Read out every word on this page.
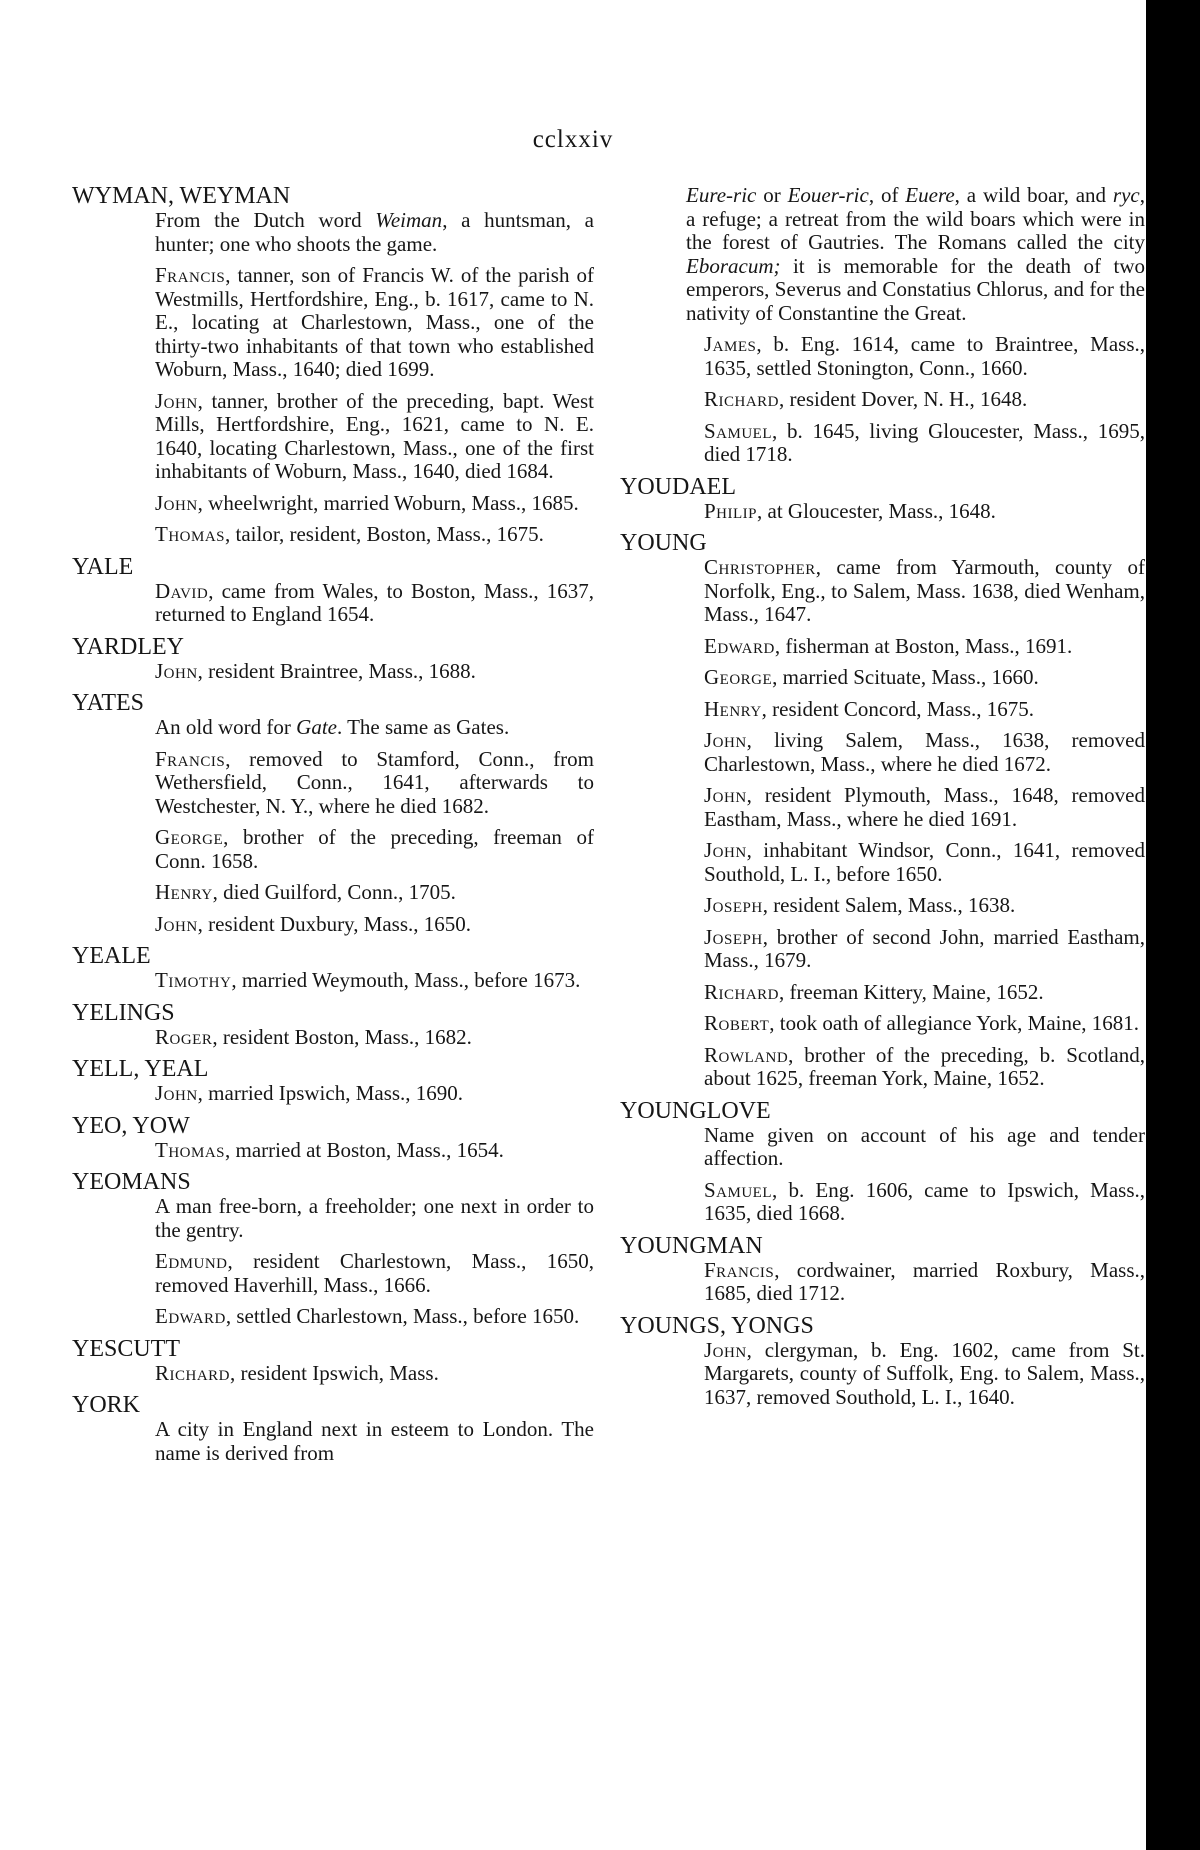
cclxxiv
WYMAN, WEYMAN

From the Dutch word Weiman, a huntsman, a hunter; one who shoots the game.

Francis, tanner, son of Francis W. of the parish of Westmills, Hertfordshire, Eng., b. 1617, came to N. E., locating at Charlestown, Mass., one of the thirty-two inhabitants of that town who established Woburn, Mass., 1640; died 1699.

John, tanner, brother of the preceding, bapt. West Mills, Hertfordshire, Eng., 1621, came to N. E. 1640, locating Charlestown, Mass., one of the first inhabitants of Woburn, Mass., 1640, died 1684.

John, wheelwright, married Woburn, Mass., 1685.

Thomas, tailor, resident, Boston, Mass., 1675.

YALE

David, came from Wales, to Boston, Mass., 1637, returned to England 1654.

YARDLEY

John, resident Braintree, Mass., 1688.

YATES

An old word for Gate. The same as Gates.

Francis, removed to Stamford, Conn., from Wethersfield, Conn., 1641, afterwards to Westchester, N. Y., where he died 1682.

George, brother of the preceding, freeman of Conn. 1658.

Henry, died Guilford, Conn., 1705.

John, resident Duxbury, Mass., 1650.

YEALE

Timothy, married Weymouth, Mass., before 1673.

YELINGS

Roger, resident Boston, Mass., 1682.

YELL, YEAL

John, married Ipswich, Mass., 1690.

YEO, YOW

Thomas, married at Boston, Mass., 1654.

YEOMANS

A man free-born, a freeholder; one next in order to the gentry.

Edmund, resident Charlestown, Mass., 1650, removed Haverhill, Mass., 1666.

Edward, settled Charlestown, Mass., before 1650.

YESCUTT

Richard, resident Ipswich, Mass.

YORK

A city in England next in esteem to London. The name is derived from

Eure-ric or Eouer-ric, of Euere, a wild boar, and ryc, a refuge; a retreat from the wild boars which were in the forest of Gautries. The Romans called the city Eboracum; it is memorable for the death of two emperors, Severus and Constatius Chlorus, and for the nativity of Constantine the Great.

James, b. Eng. 1614, came to Braintree, Mass., 1635, settled Stonington, Conn., 1660.

Richard, resident Dover, N. H., 1648.

Samuel, b. 1645, living Gloucester, Mass., 1695, died 1718.

YOUDAEL

Philip, at Gloucester, Mass., 1648.

YOUNG

Christopher, came from Yarmouth, county of Norfolk, Eng., to Salem, Mass. 1638, died Wenham, Mass., 1647.

Edward, fisherman at Boston, Mass., 1691.

George, married Scituate, Mass., 1660.

Henry, resident Concord, Mass., 1675.

John, living Salem, Mass., 1638, removed Charlestown, Mass., where he died 1672.

John, resident Plymouth, Mass., 1648, removed Eastham, Mass., where he died 1691.

John, inhabitant Windsor, Conn., 1641, removed Southold, L. I., before 1650.

Joseph, resident Salem, Mass., 1638.

Joseph, brother of second John, married Eastham, Mass., 1679.

Richard, freeman Kittery, Maine, 1652.

Robert, took oath of allegiance York, Maine, 1681.

Rowland, brother of the preceding, b. Scotland, about 1625, freeman York, Maine, 1652.

YOUNGLOVE

Name given on account of his age and tender affection.

Samuel, b. Eng. 1606, came to Ipswich, Mass., 1635, died 1668.

YOUNGMAN

Francis, cordwainer, married Roxbury, Mass., 1685, died 1712.

YOUNGS, YONGS

John, clergyman, b. Eng. 1602, came from St. Margarets, county of Suffolk, Eng. to Salem, Mass., 1637, removed Southold, L. I., 1640.
